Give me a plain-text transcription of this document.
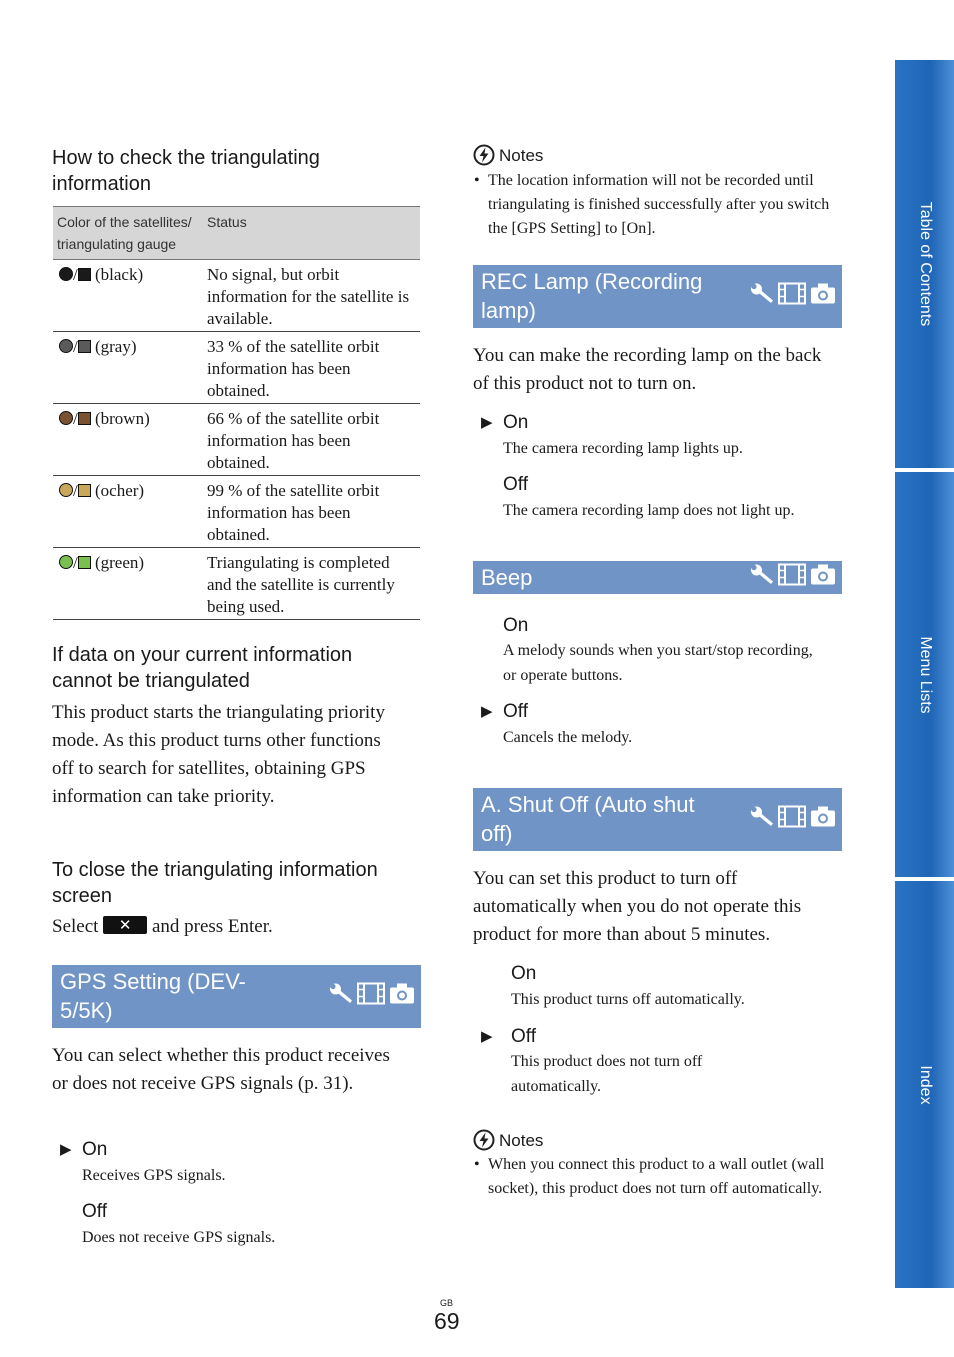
How to check the triangulating information
Color of the satellites/ triangulating gauge	Status
/ (black)	No signal, but orbit information for the satellite is available.
/ (gray)	33 % of the satellite orbit information has been obtained.
/ (brown)	66 % of the satellite orbit information has been obtained.
/ (ocher)	99 % of the satellite orbit information has been obtained.
/ (green)	Triangulating is completed and the satellite is currently being used.
If data on your current information cannot be triangulated

This product starts the triangulating priority mode. As this product turns other functions off to search for satellites, obtaining GPS information can take priority.

To close the triangulating information screen
Select ✕ and press Enter.
GPS Setting (DEV-5/5K)

You can select whether this product receives or does not receive GPS signals (p. 31).

▶ On
Receives GPS signals.
Off
Does not receive GPS signals.
Notes
• The location information will not be recorded until triangulating is finished successfully after you switch the [GPS Setting] to [On].
REC Lamp (Recording lamp)

You can make the recording lamp on the back of this product not to turn on.

▶ On
The camera recording lamp lights up.
Off
The camera recording lamp does not light up.
Beep
On
A melody sounds when you start/stop recording, or operate buttons.
▶ Off
Cancels the melody.
A. Shut Off (Auto shut off)

You can set this product to turn off automatically when you do not operate this product for more than about 5 minutes.

On
This product turns off automatically.
▶ Off
This product does not turn off automatically.
Notes
• When you connect this product to a wall outlet (wall socket), this product does not turn off automatically.
GB
69
Table of Contents
Menu Lists
Index
